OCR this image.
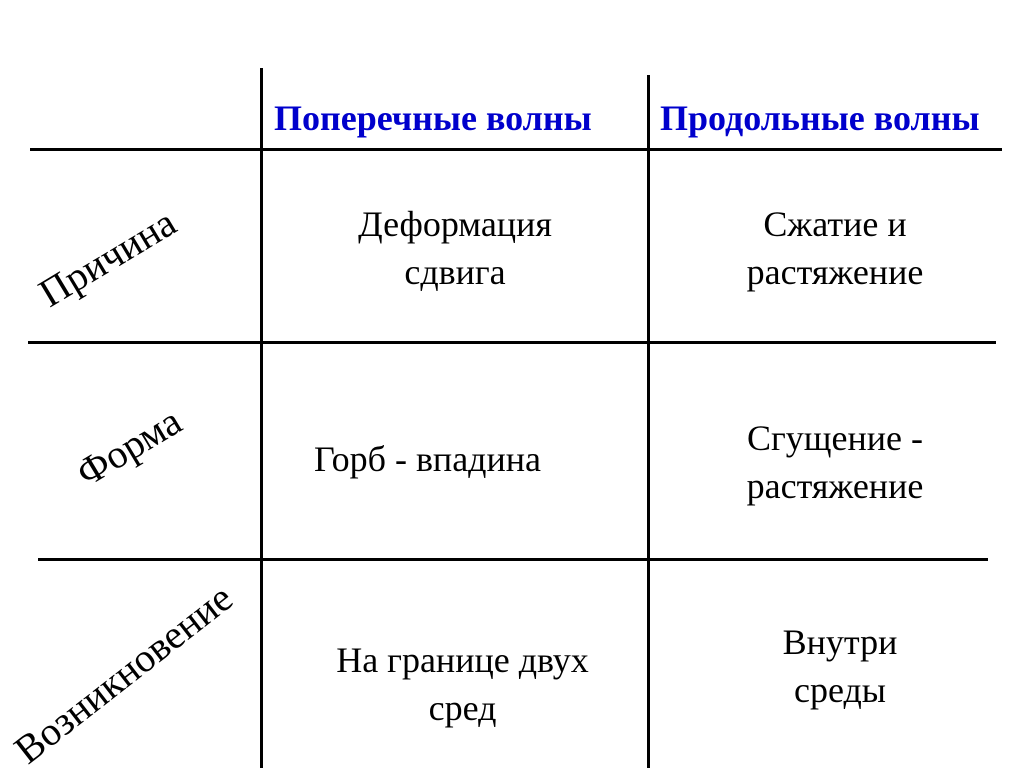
Поперечные волны Продольные волны
Причина
Форма
Возникновение
Деформация
сдвига
Сжатие и
растяжение
Горб - впадина
Сгущение -
растяжение
На границе двух
сред
Внутри
среды
